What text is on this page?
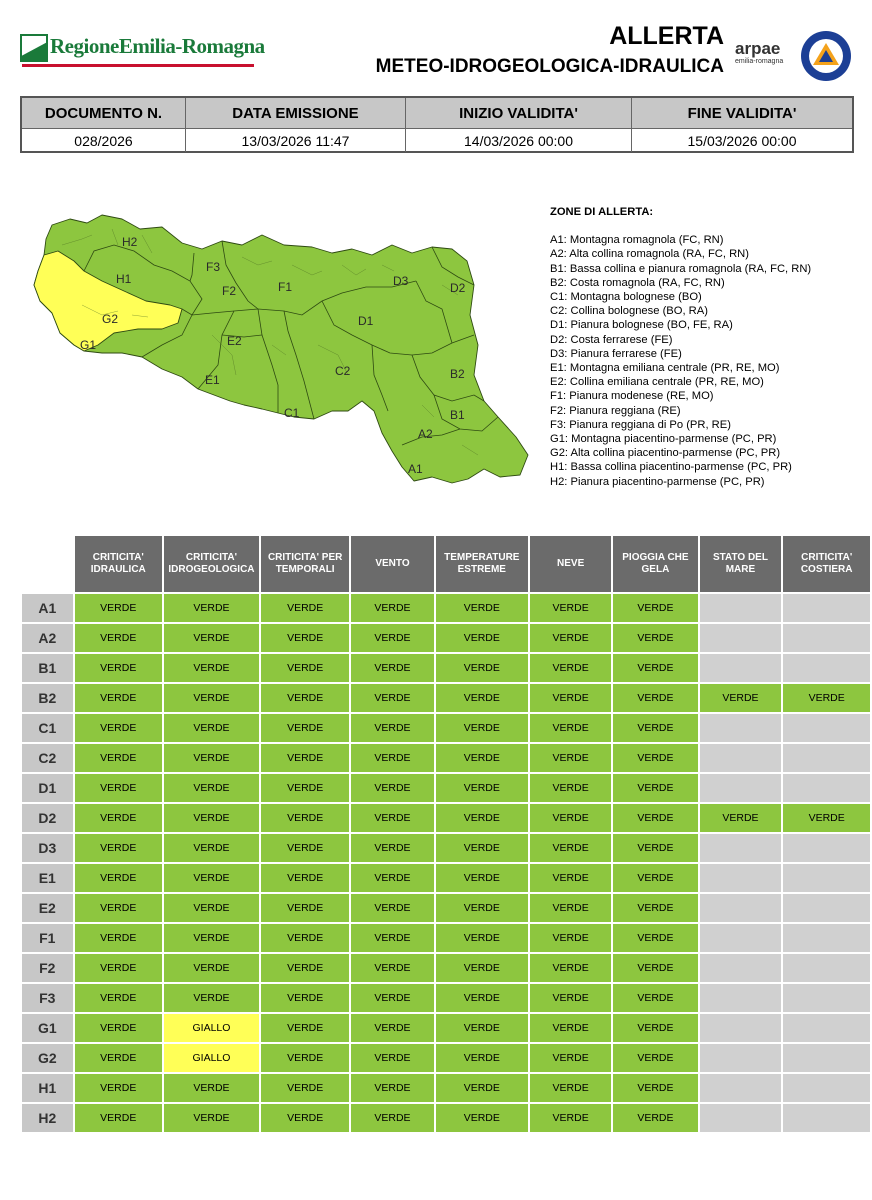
RegioneEmilia-Romagna	ALLERTA
METEO-IDROGEOLOGICA-IDRAULICA
arpae
emilia-romagna
DOCUMENTO N.	DATA EMISSIONE	INIZIO VALIDITA'	FINE VALIDITA'
028/2026	13/03/2026 11:47	14/03/2026 00:00	15/03/2026 00:00
H2
H1
F3
F2	F1	D3	D2
D1
G2
G1	E2
E1
C2
C1
B2
B1
A2
A1
ZONE DI ALLERTA:
A1: Montagna romagnola (FC, RN)
A2: Alta collina romagnola (RA, FC, RN)
B1: Bassa collina e pianura romagnola (RA, FC, RN)
B2: Costa romagnola (RA, FC, RN)
C1: Montagna bolognese (BO)
C2: Collina bolognese (BO, RA)
D1: Pianura bolognese (BO, FE, RA)
D2: Costa ferrarese (FE)
D3: Pianura ferrarese (FE)
E1: Montagna emiliana centrale (PR, RE, MO)
E2: Collina emiliana centrale (PR, RE, MO)
F1: Pianura modenese (RE, MO)
F2: Pianura reggiana (RE)
F3: Pianura reggiana di Po (PR, RE)
G1: Montagna piacentino-parmense (PC, PR)
G2: Alta collina piacentino-parmense (PC, PR)
H1: Bassa collina piacentino-parmense (PC, PR)
H2: Pianura piacentino-parmense (PC, PR)
	CRITICITA' IDRAULICA	CRITICITA' IDROGEOLOGICA	CRITICITA' PER TEMPORALI	VENTO	TEMPERATURE ESTREME	NEVE	PIOGGIA CHE GELA	STATO DEL MARE	CRITICITA' COSTIERA
A1	VERDE	VERDE	VERDE	VERDE	VERDE	VERDE	VERDE		
A2	VERDE	VERDE	VERDE	VERDE	VERDE	VERDE	VERDE		
B1	VERDE	VERDE	VERDE	VERDE	VERDE	VERDE	VERDE		
B2	VERDE	VERDE	VERDE	VERDE	VERDE	VERDE	VERDE	VERDE	VERDE
C1	VERDE	VERDE	VERDE	VERDE	VERDE	VERDE	VERDE		
C2	VERDE	VERDE	VERDE	VERDE	VERDE	VERDE	VERDE		
D1	VERDE	VERDE	VERDE	VERDE	VERDE	VERDE	VERDE		
D2	VERDE	VERDE	VERDE	VERDE	VERDE	VERDE	VERDE	VERDE	VERDE
D3	VERDE	VERDE	VERDE	VERDE	VERDE	VERDE	VERDE		
E1	VERDE	VERDE	VERDE	VERDE	VERDE	VERDE	VERDE		
E2	VERDE	VERDE	VERDE	VERDE	VERDE	VERDE	VERDE		
F1	VERDE	VERDE	VERDE	VERDE	VERDE	VERDE	VERDE		
F2	VERDE	VERDE	VERDE	VERDE	VERDE	VERDE	VERDE		
F3	VERDE	VERDE	VERDE	VERDE	VERDE	VERDE	VERDE		
G1	VERDE	GIALLO	VERDE	VERDE	VERDE	VERDE	VERDE		
G2	VERDE	GIALLO	VERDE	VERDE	VERDE	VERDE	VERDE		
H1	VERDE	VERDE	VERDE	VERDE	VERDE	VERDE	VERDE		
H2	VERDE	VERDE	VERDE	VERDE	VERDE	VERDE	VERDE		
